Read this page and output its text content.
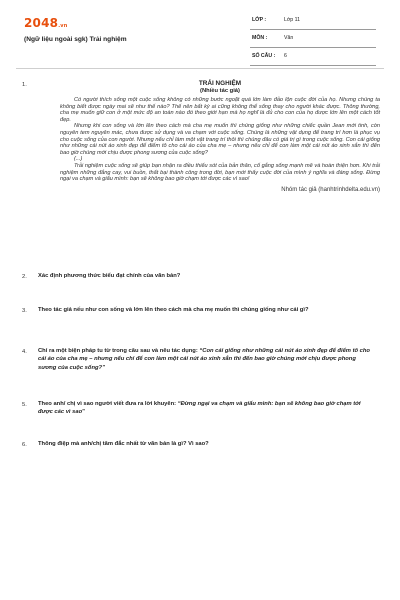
2048.vn
(Ngữ liệu ngoài sgk) Trải nghiệm
LỚP :	Lớp 11
MÔN :	Văn
SỐ CÂU : 6
1.	TRẢI NGHIỆM
(Nhiều tác giả)

Có người thích sống một cuộc sống không có những bước ngoặt quá lớn làm đảo lộn cuộc đời của họ. Nhưng chúng ta không biết được ngày mai sẽ như thế nào? Thế nên bất kỳ ai cũng không thể sống thay cho người khác được. Thông thường, cha mẹ muốn giữ con ở một mức độ an toàn nào đó theo giới hạn mà họ nghĩ là đủ cho con của họ được lớn lên một cách tốt đẹp.

Nhưng khi con sống và lớn lên theo cách mà cha mẹ muốn thì chúng giống như những chiếc quần Jean mới tinh, còn nguyên tem nguyên mác, chưa được sử dụng và va chạm với cuộc sống. Chúng là những vật dụng để trang trí hơn là phục vụ cho cuộc sống của con người. Nhưng nếu chỉ làm một vật trang trí thôi thì chúng đâu có giá trị gì trong cuộc sống. Con cái giống như những cái nút áo xinh đẹp để điểm tô cho cái áo của cha mẹ – nhưng nếu chỉ để con làm một cái nút áo xinh xắn thì đến bao giờ chúng mới chịu được phong sương của cuộc sống?

(...)

Trải nghiệm cuộc sống sẽ giúp bạn nhận ra điều thiếu sót của bản thân, cố gắng sống mạnh mẽ và hoàn thiện hơn. Khi trải nghiệm những đắng cay, vui buồn, thất bại thành công trong đời, bạn mới thấy cuộc đời của mình ý nghĩa và đáng sống. Đừng ngại va chạm và giấu mình: bạn sẽ không bao giờ chạm tới được các vì sao!

Nhóm tác giả (hanhtrinhdelta.edu.vn)
2. Xác định phương thức biểu đạt chính của văn bản?
3. Theo tác giả nếu như con sống và lớn lên theo cách mà cha mẹ muốn thì chúng giống như cái gì?
4. Chỉ ra một biện pháp tu từ trong câu sau và nêu tác dụng: “Con cái giống như những cái nút áo xinh đẹp để điểm tô cho cái áo của cha mẹ – nhưng nếu chỉ để con làm một cái nút áo xinh xắn thì đến bao giờ chúng mới chịu được phong sương của cuộc sống?”
5. Theo anh/ chị vì sao người viết đưa ra lời khuyên: “Đừng ngại va chạm và giấu mình: bạn sẽ không bao giờ chạm tới được các vì sao”
6. Thông điệp mà anh/chị tâm đắc nhất từ văn bản là gì? Vì sao?
